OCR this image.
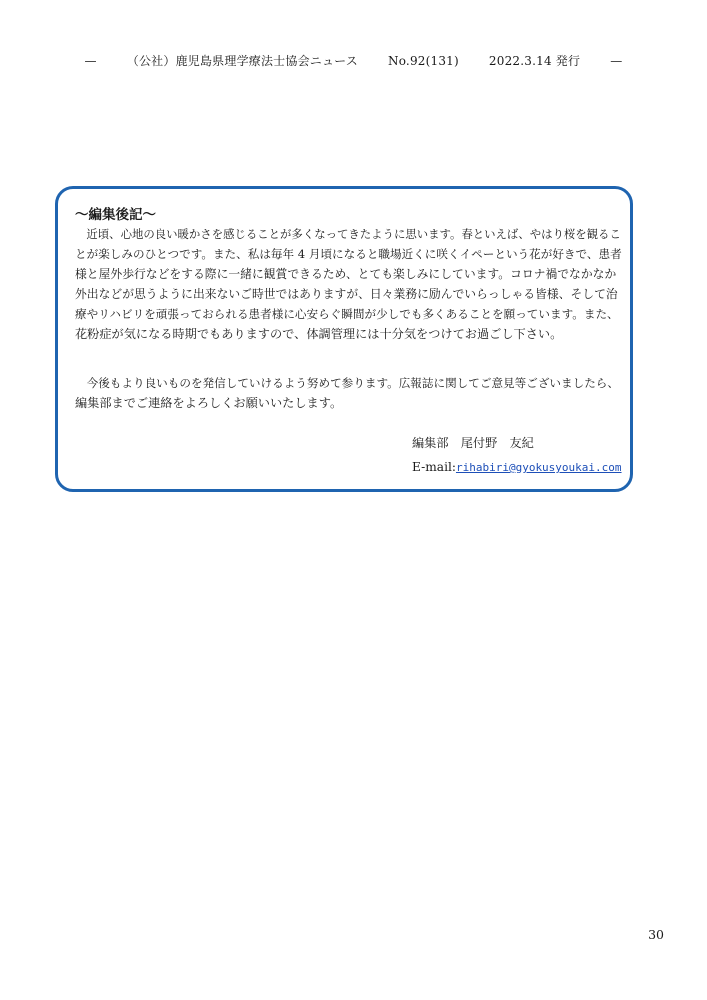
—	（公社）鹿児島県理学療法士協会ニュース	No.92(131)	2022.3.14 発行	—
～編集後記～
　近頃、心地の良い暖かさを感じることが多くなってきたように思います。春といえば、やはり桜を観るこ
とが楽しみのひとつです。また、私は毎年 4 月頃になると職場近くに咲くイペーという花が好きで、患者
様と屋外歩行などをする際に一緒に観賞できるため、とても楽しみにしています。コロナ禍でなかなか
外出などが思うように出来ないご時世ではありますが、日々業務に励んでいらっしゃる皆様、そして治
療やリハビリを頑張っておられる患者様に心安らぐ瞬間が少しでも多くあることを願っています。また、
花粉症が気になる時期でもありますので、体調管理には十分気をつけてお過ごし下さい。
　今後もより良いものを発信していけるよう努めて参ります。広報誌に関してご意見等ございましたら、
編集部までご連絡をよろしくお願いいたします。
編集部　尾付野　友紀
E-mail:rihabiri@gyokusyoukai.com
30
